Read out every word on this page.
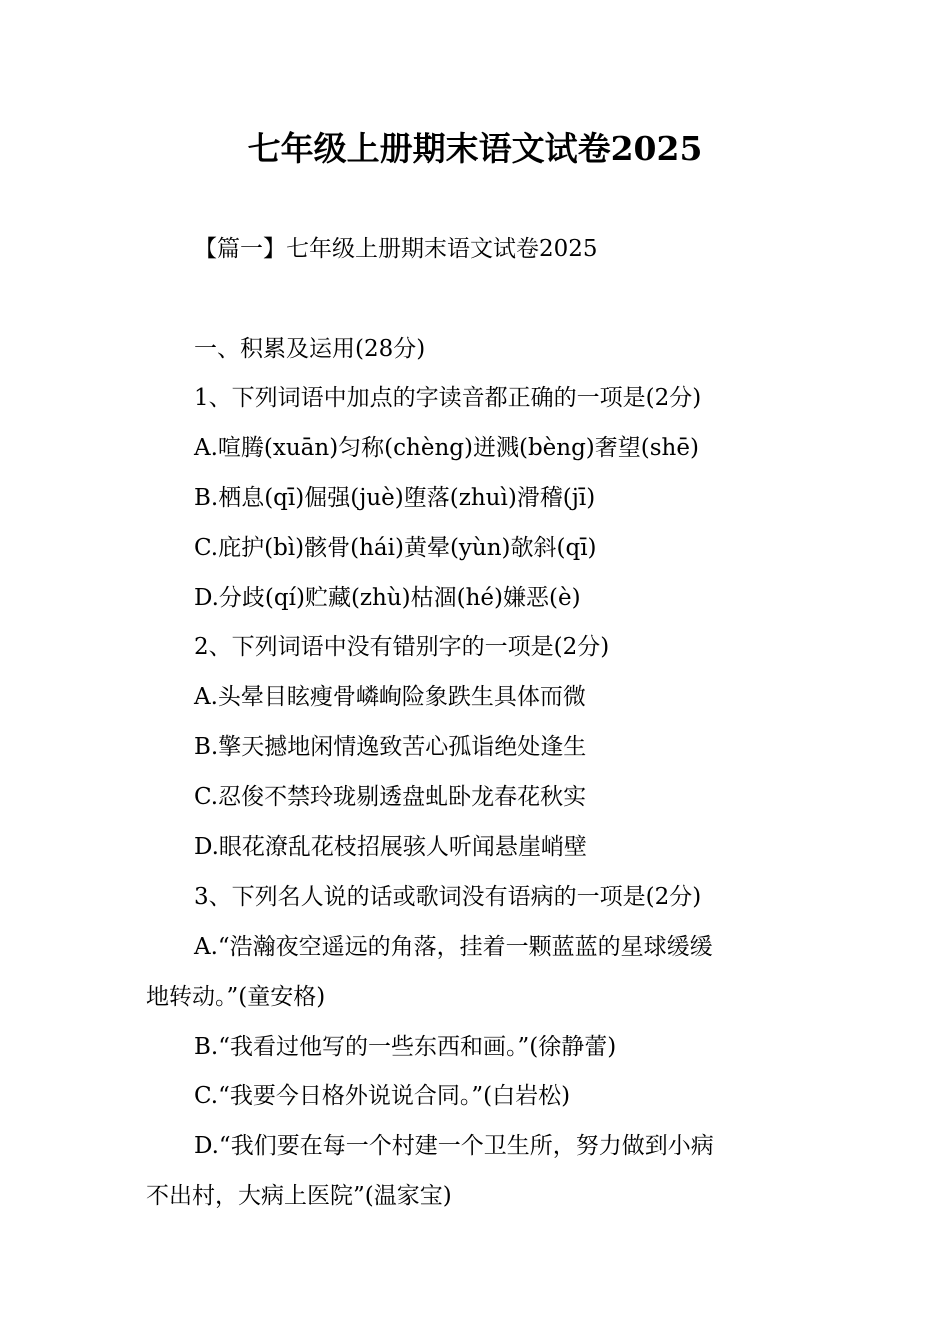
七年级上册期末语文试卷2025
【篇一】七年级上册期末语文试卷2025
一、积累及运用(28分)
1、下列词语中加点的字读音都正确的一项是(2分)
A.喧腾(xuān)匀称(chèng)迸溅(bèng)奢望(shē)
B.栖息(qī)倔强(juè)堕落(zhuì)滑稽(jī)
C.庇护(bì)骸骨(hái)黄晕(yùn)欹斜(qī)
D.分歧(qí)贮藏(zhù)枯涸(hé)嫌恶(è)
2、下列词语中没有错别字的一项是(2分)
A.头晕目眩瘦骨嶙峋险象跌生具体而微
B.擎天撼地闲情逸致苦心孤诣绝处逢生
C.忍俊不禁玲珑剔透盘虬卧龙春花秋实
D.眼花潦乱花枝招展骇人听闻悬崖峭壁
3、下列名人说的话或歌词没有语病的一项是(2分)
A.“浩瀚夜空遥远的角落，挂着一颗蓝蓝的星球缓缓
地转动。”(童安格)
B.“我看过他写的一些东西和画。”(徐静蕾)
C.“我要今日格外说说合同。”(白岩松)
D.“我们要在每一个村建一个卫生所，努力做到小病
不出村，大病上医院”(温家宝)
